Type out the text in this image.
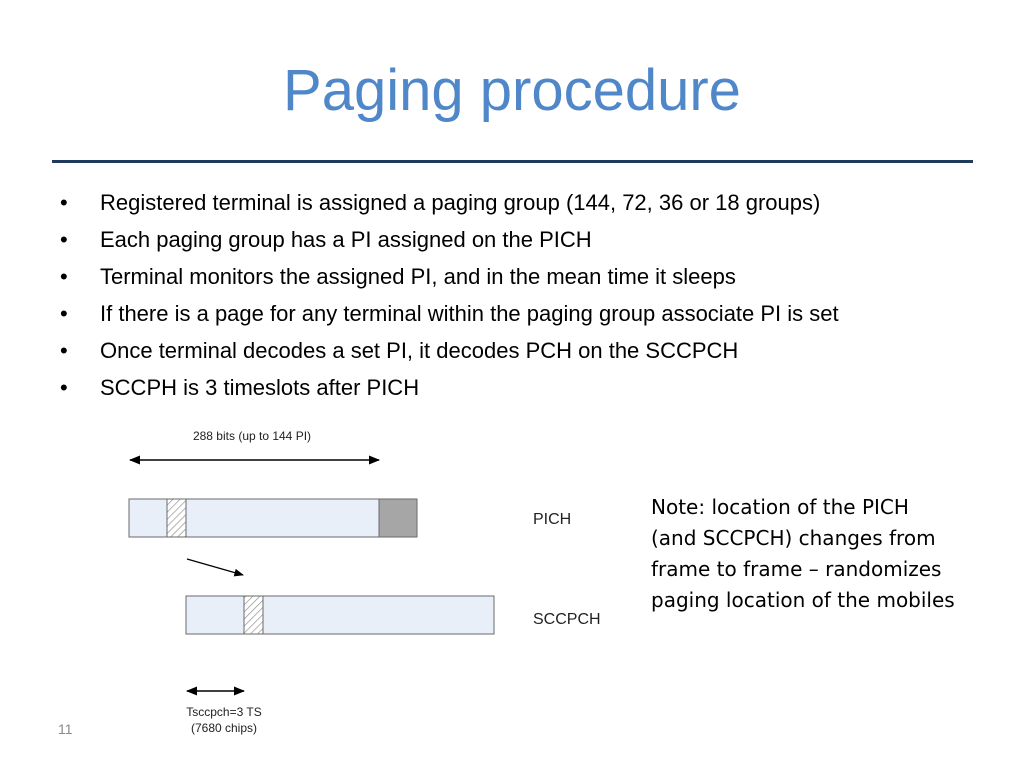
Paging procedure
• Registered terminal is assigned a paging group (144, 72, 36 or 18 groups)
• Each paging group has a PI assigned on the PICH
• Terminal monitors the assigned PI, and in the mean time it sleeps
• If there is a page for any terminal within the paging group associate PI is set
• Once terminal decodes a set PI, it decodes PCH on the SCCPCH
• SCCPH is 3 timeslots after PICH
288 bits (up to 144 PI)
PICH
SCCPCH
Tsccpch=3 TS
(7680 chips)
Note: location of the PICH
(and SCCPCH) changes from
frame to frame – randomizes
paging location of the mobiles
11
